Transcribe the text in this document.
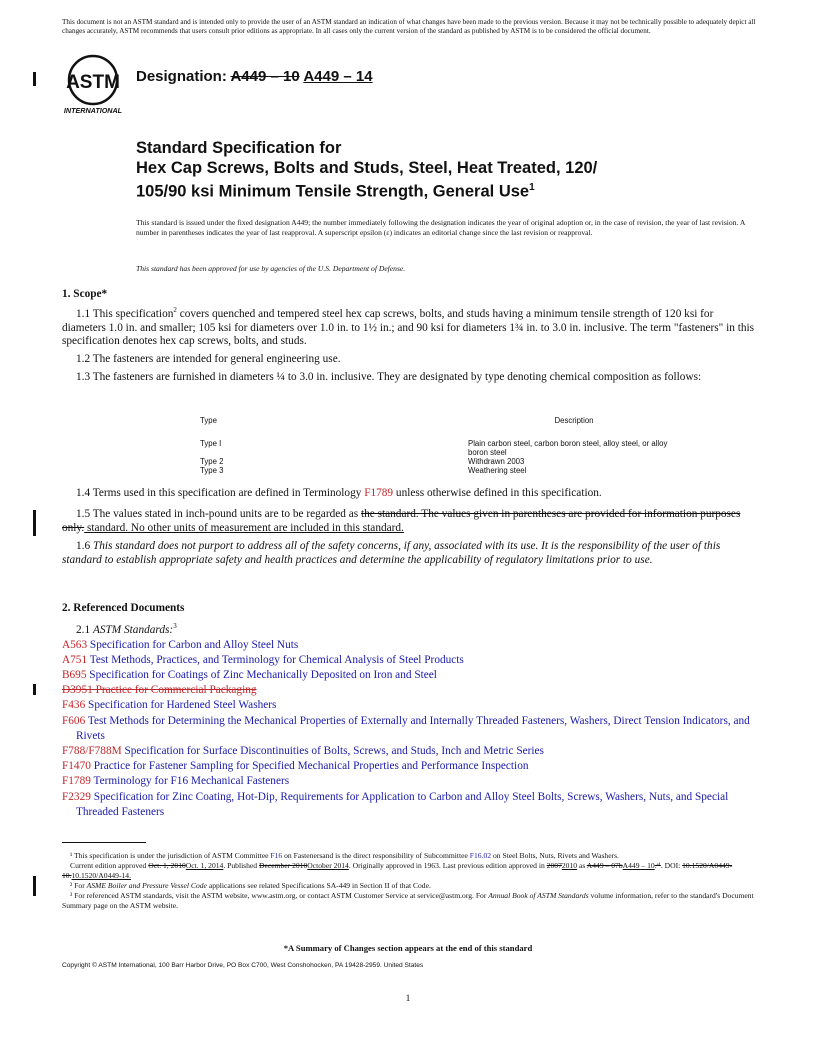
This document is not an ASTM standard and is intended only to provide the user of an ASTM standard an indication of what changes have been made to the previous version. Because it may not be technically possible to adequately depict all changes accurately, ASTM recommends that users consult prior editions as appropriate. In all cases only the current version of the standard as published by ASTM is to be considered the official document.
ASTM
INTERNATIONAL
Designation: A449 – 10 A449 – 14
Standard Specification for
Hex Cap Screws, Bolts and Studs, Steel, Heat Treated, 120/
105/90 ksi Minimum Tensile Strength, General Use$^1$
This standard is issued under the fixed designation A449; the number immediately following the designation indicates the year of original adoption or, in the case of revision, the year of last revision. A number in parentheses indicates the year of last reapproval. A superscript epsilon (ε) indicates an editorial change since the last revision or reapproval.
This standard has been approved for use by agencies of the U.S. Department of Defense.
1. Scope*
1.1 This specification$^2$ covers quenched and tempered steel hex cap screws, bolts, and studs having a minimum tensile strength of 120 ksi for diameters 1.0 in. and smaller; 105 ksi for diameters over 1.0 in. to 1½ in.; and 90 ksi for diameters 1¾ in. to 3.0 in. inclusive. The term "fasteners" in this specification denotes hex cap screws, bolts, and studs.
1.2 The fasteners are intended for general engineering use.
1.3 The fasteners are furnished in diameters ¼ to 3.0 in. inclusive. They are designated by type denoting chemical composition as follows:
Type	Description
Type I	Plain carbon steel, carbon boron steel, alloy steel, or alloy boron steel
Type 2	Withdrawn 2003
Type 3	Weathering steel
1.4 Terms used in this specification are defined in Terminology F1789 unless otherwise defined in this specification.
1.5 The values stated in inch-pound units are to be regarded as the standard. The values given in parentheses are provided for information purposes only. standard. No other units of measurement are included in this standard.
1.6 This standard does not purport to address all of the safety concerns, if any, associated with its use. It is the responsibility of the user of this standard to establish appropriate safety and health practices and determine the applicability of regulatory limitations prior to use.
2. Referenced Documents
2.1 ASTM Standards:$^3$
A563 Specification for Carbon and Alloy Steel Nuts
A751 Test Methods, Practices, and Terminology for Chemical Analysis of Steel Products
B695 Specification for Coatings of Zinc Mechanically Deposited on Iron and Steel
D3951 Practice for Commercial Packaging
F436 Specification for Hardened Steel Washers
F606 Test Methods for Determining the Mechanical Properties of Externally and Internally Threaded Fasteners, Washers, Direct Tension Indicators, and Rivets
F788/F788M Specification for Surface Discontinuities of Bolts, Screws, and Studs, Inch and Metric Series
F1470 Practice for Fastener Sampling for Specified Mechanical Properties and Performance Inspection
F1789 Terminology for F16 Mechanical Fasteners
F2329 Specification for Zinc Coating, Hot-Dip, Requirements for Application to Carbon and Alloy Steel Bolts, Screws, Washers, Nuts, and Special Threaded Fasteners
¹ This specification is under the jurisdiction of ASTM Committee F16 on Fastenersand is the direct responsibility of Subcommittee F16.02 on Steel Bolts, Nuts, Rivets and Washers.
Current edition approved Oct. 1, 2010Oct. 1, 2014. Published December 2010October 2014. Originally approved in 1963. Last previous edition approved in 20072010 as A449 – 07bA449 – 10.ᵉ¹. DOI: 10.1520/A0449-10.10.1520/A0449-14.
² For ASME Boiler and Pressure Vessel Code applications see related Specifications SA-449 in Section II of that Code.
³ For referenced ASTM standards, visit the ASTM website, www.astm.org, or contact ASTM Customer Service at service@astm.org. For Annual Book of ASTM Standards volume information, refer to the standard's Document Summary page on the ASTM website.
*A Summary of Changes section appears at the end of this standard
Copyright © ASTM International, 100 Barr Harbor Drive, PO Box C700, West Conshohocken, PA 19428-2959. United States
1
